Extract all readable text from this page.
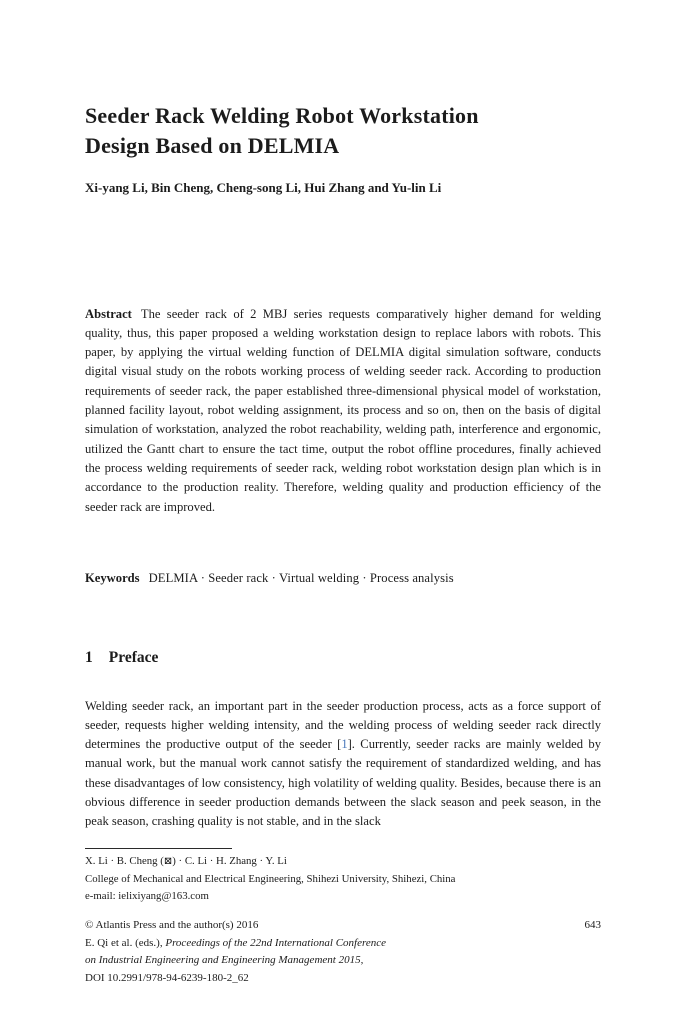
Seeder Rack Welding Robot Workstation
Design Based on DELMIA
Xi-yang Li, Bin Cheng, Cheng-song Li, Hui Zhang and Yu-lin Li

Abstract The seeder rack of 2 MBJ series requests comparatively higher demand for welding quality, thus, this paper proposed a welding workstation design to replace labors with robots. This paper, by applying the virtual welding function of DELMIA digital simulation software, conducts digital visual study on the robots working process of welding seeder rack. According to production requirements of seeder rack, the paper established three-dimensional physical model of workstation, planned facility layout, robot welding assignment, its process and so on, then on the basis of digital simulation of workstation, analyzed the robot reachability, welding path, interference and ergonomic, utilized the Gantt chart to ensure the tact time, output the robot offline procedures, finally achieved the process welding requirements of seeder rack, welding robot workstation design plan which is in accordance to the production reality. Therefore, welding quality and production efficiency of the seeder rack are improved.

Keywords DELMIA · Seeder rack · Virtual welding · Process analysis

1 Preface

Welding seeder rack, an important part in the seeder production process, acts as a force support of seeder, requests higher welding intensity, and the welding process of welding seeder rack directly determines the productive output of the seeder [1]. Currently, seeder racks are mainly welded by manual work, but the manual work cannot satisfy the requirement of standardized welding, and has these disadvantages of low consistency, high volatility of welding quality. Besides, because there is an obvious difference in seeder production demands between the slack season and peek season, in the peak season, crashing quality is not stable, and in the slack

X. Li · B. Cheng (⊠) · C. Li · H. Zhang · Y. Li
College of Mechanical and Electrical Engineering, Shihezi University, Shihezi, China
e-mail: ielixiyang@163.com
© Atlantis Press and the author(s) 2016	643
E. Qi et al. (eds.), Proceedings of the 22nd International Conference
on Industrial Engineering and Engineering Management 2015,
DOI 10.2991/978-94-6239-180-2_62
